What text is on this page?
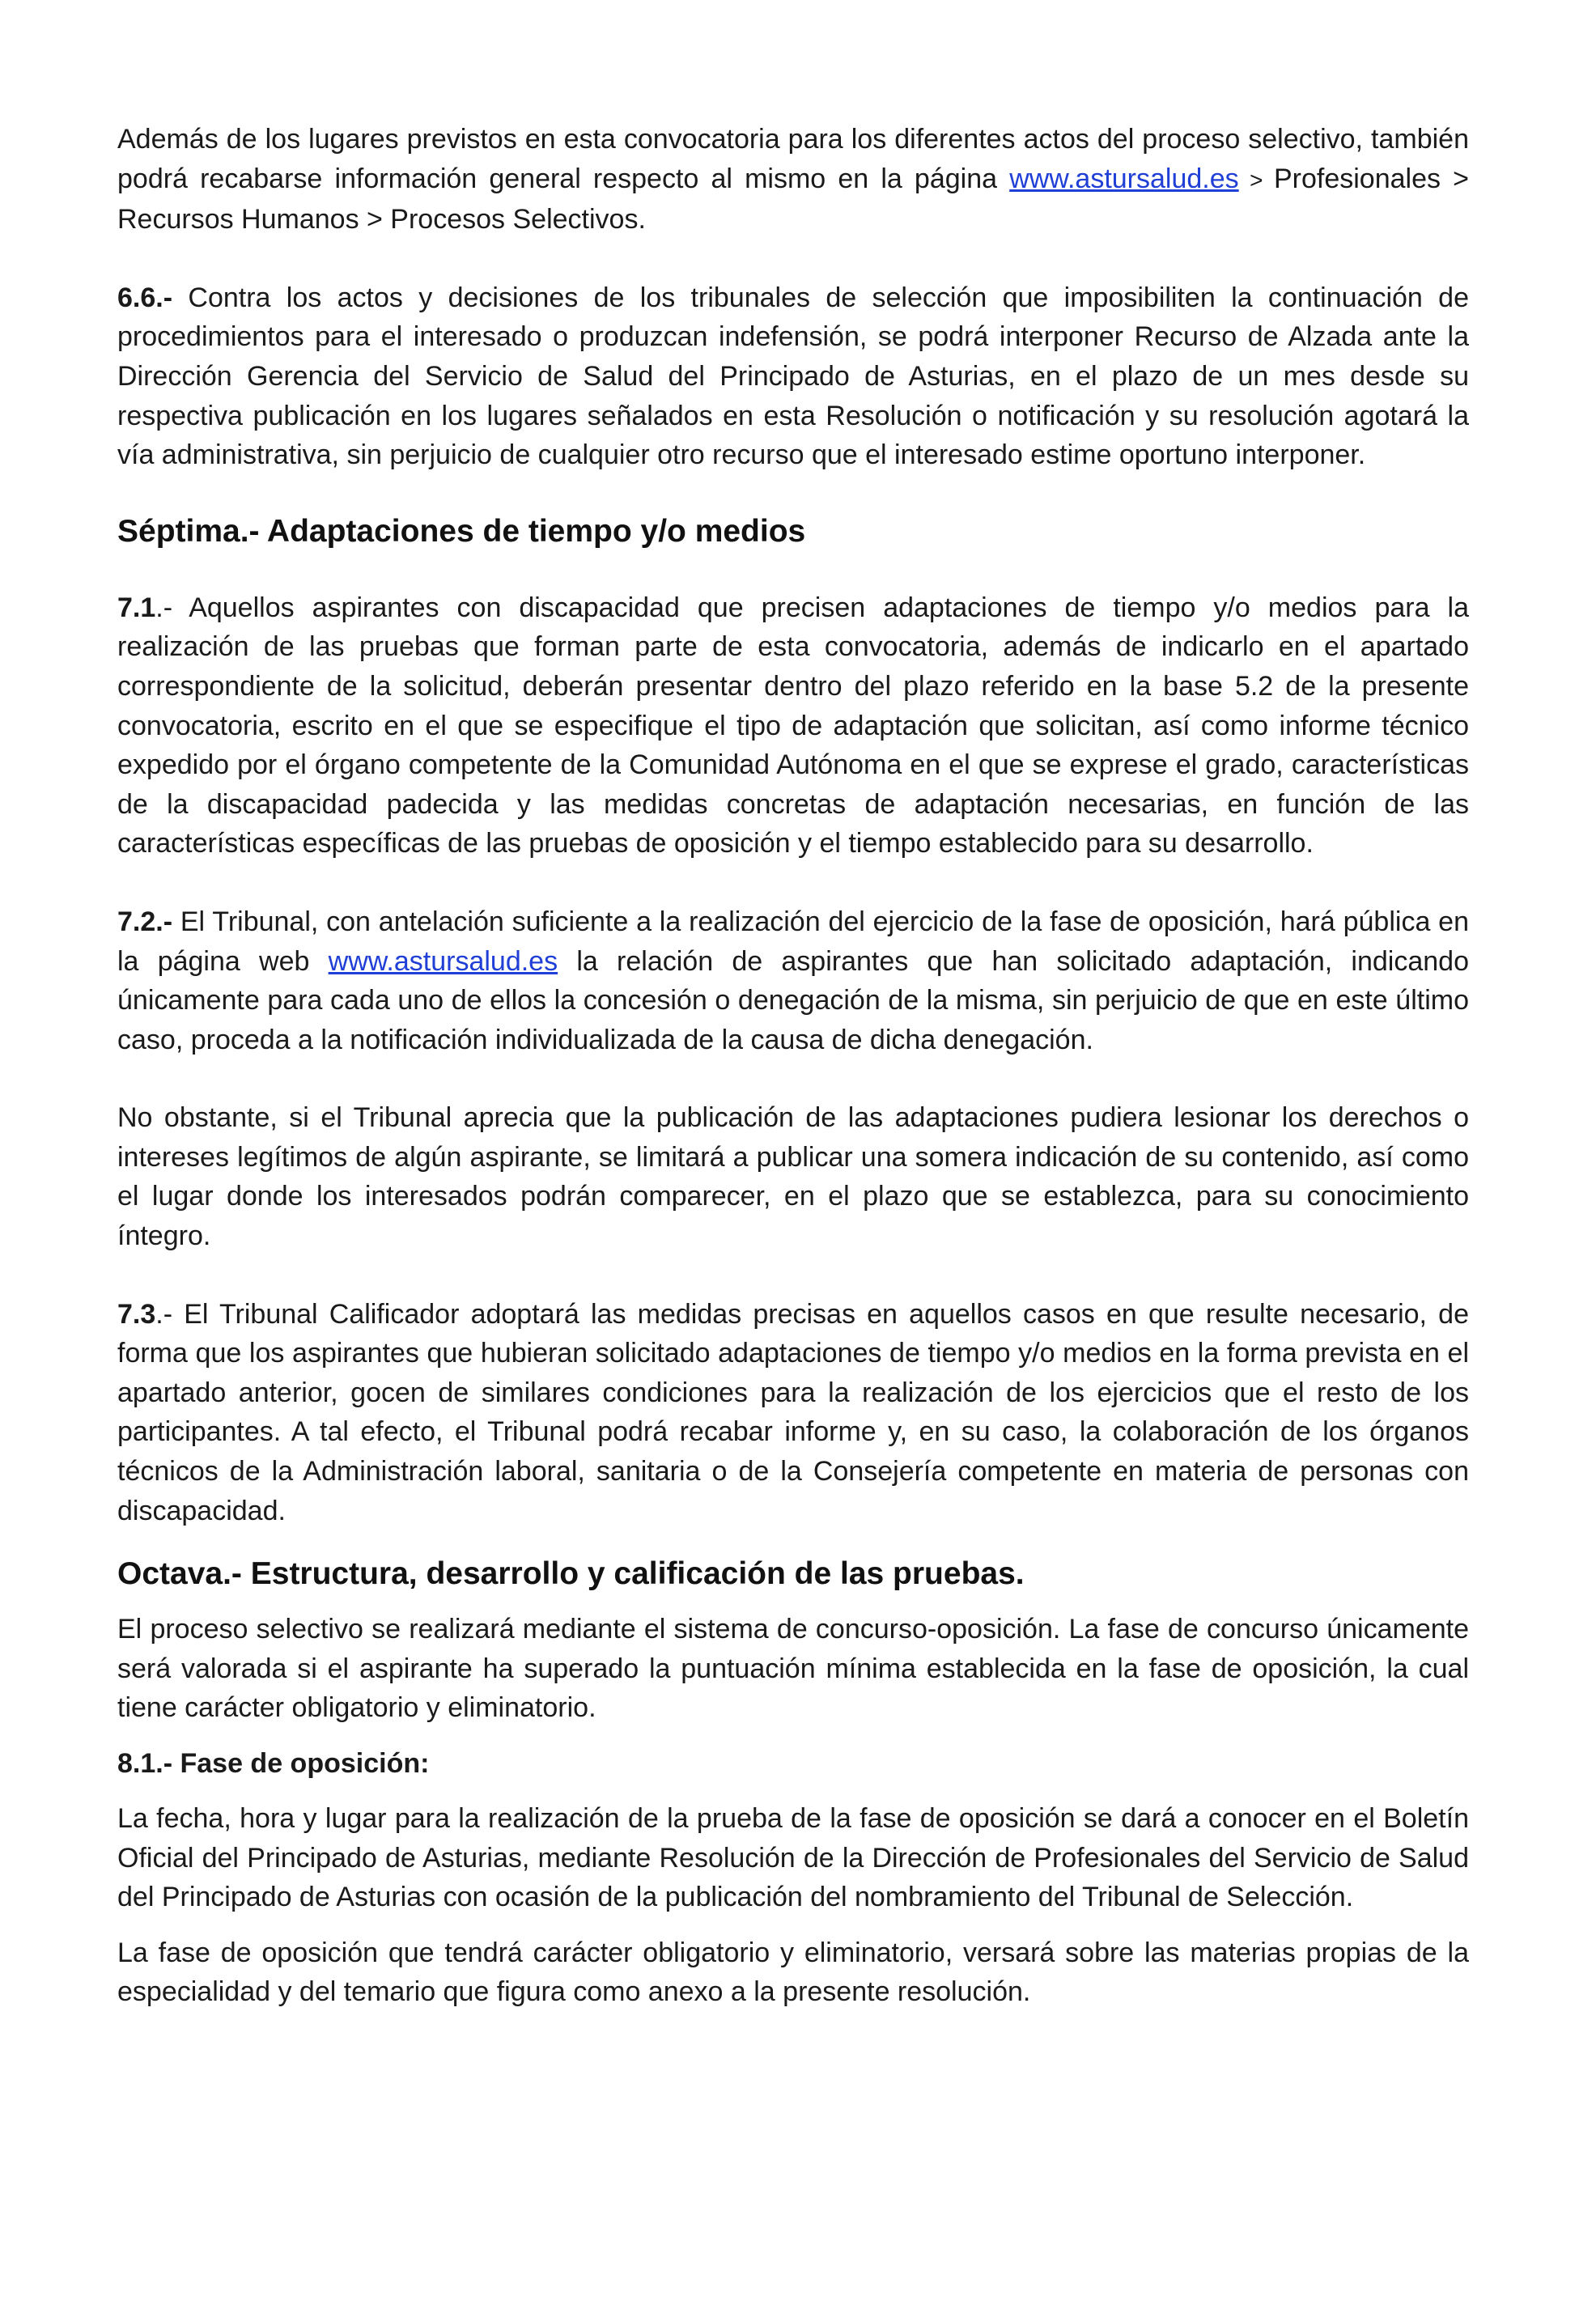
Además de los lugares previstos en esta convocatoria para los diferentes actos del proceso selectivo, también podrá recabarse información general respecto al mismo en la página www.astursalud.es > Profesionales > Recursos Humanos > Procesos Selectivos.

6.6.- Contra los actos y decisiones de los tribunales de selección que imposibiliten la continuación de procedimientos para el interesado o produzcan indefensión, se podrá interponer Recurso de Alzada ante la Dirección Gerencia del Servicio de Salud del Principado de Asturias, en el plazo de un mes desde su respectiva publicación en los lugares señalados en esta Resolución o notificación y su resolución agotará la vía administrativa, sin perjuicio de cualquier otro recurso que el interesado estime oportuno interponer.

Séptima.- Adaptaciones de tiempo y/o medios

7.1.- Aquellos aspirantes con discapacidad que precisen adaptaciones de tiempo y/o medios para la realización de las pruebas que forman parte de esta convocatoria, además de indicarlo en el apartado correspondiente de la solicitud, deberán presentar dentro del plazo referido en la base 5.2 de la presente convocatoria, escrito en el que se especifique el tipo de adaptación que solicitan, así como informe técnico expedido por el órgano competente de la Comunidad Autónoma en el que se exprese el grado, características de la discapacidad padecida y las medidas concretas de adaptación necesarias, en función de las características específicas de las pruebas de oposición y el tiempo establecido para su desarrollo.

7.2.- El Tribunal, con antelación suficiente a la realización del ejercicio de la fase de oposición, hará pública en la página web www.astursalud.es la relación de aspirantes que han solicitado adaptación, indicando únicamente para cada uno de ellos la concesión o denegación de la misma, sin perjuicio de que en este último caso, proceda a la notificación individualizada de la causa de dicha denegación.

No obstante, si el Tribunal aprecia que la publicación de las adaptaciones pudiera lesionar los derechos o intereses legítimos de algún aspirante, se limitará a publicar una somera indicación de su contenido, así como el lugar donde los interesados podrán comparecer, en el plazo que se establezca, para su conocimiento íntegro.

7.3.- El Tribunal Calificador adoptará las medidas precisas en aquellos casos en que resulte necesario, de forma que los aspirantes que hubieran solicitado adaptaciones de tiempo y/o medios en la forma prevista en el apartado anterior, gocen de similares condiciones para la realización de los ejercicios que el resto de los participantes. A tal efecto, el Tribunal podrá recabar informe y, en su caso, la colaboración de los órganos técnicos de la Administración laboral, sanitaria o de la Consejería competente en materia de personas con discapacidad.

Octava.- Estructura, desarrollo y calificación de las pruebas.

El proceso selectivo se realizará mediante el sistema de concurso-oposición. La fase de concurso únicamente será valorada si el aspirante ha superado la puntuación mínima establecida en la fase de oposición, la cual tiene carácter obligatorio y eliminatorio.

8.1.- Fase de oposición:

La fecha, hora y lugar para la realización de la prueba de la fase de oposición se dará a conocer en el Boletín Oficial del Principado de Asturias, mediante Resolución de la Dirección de Profesionales del Servicio de Salud del Principado de Asturias con ocasión de la publicación del nombramiento del Tribunal de Selección.

La fase de oposición que tendrá carácter obligatorio y eliminatorio, versará sobre las materias propias de la especialidad y del temario que figura como anexo a la presente resolución.
